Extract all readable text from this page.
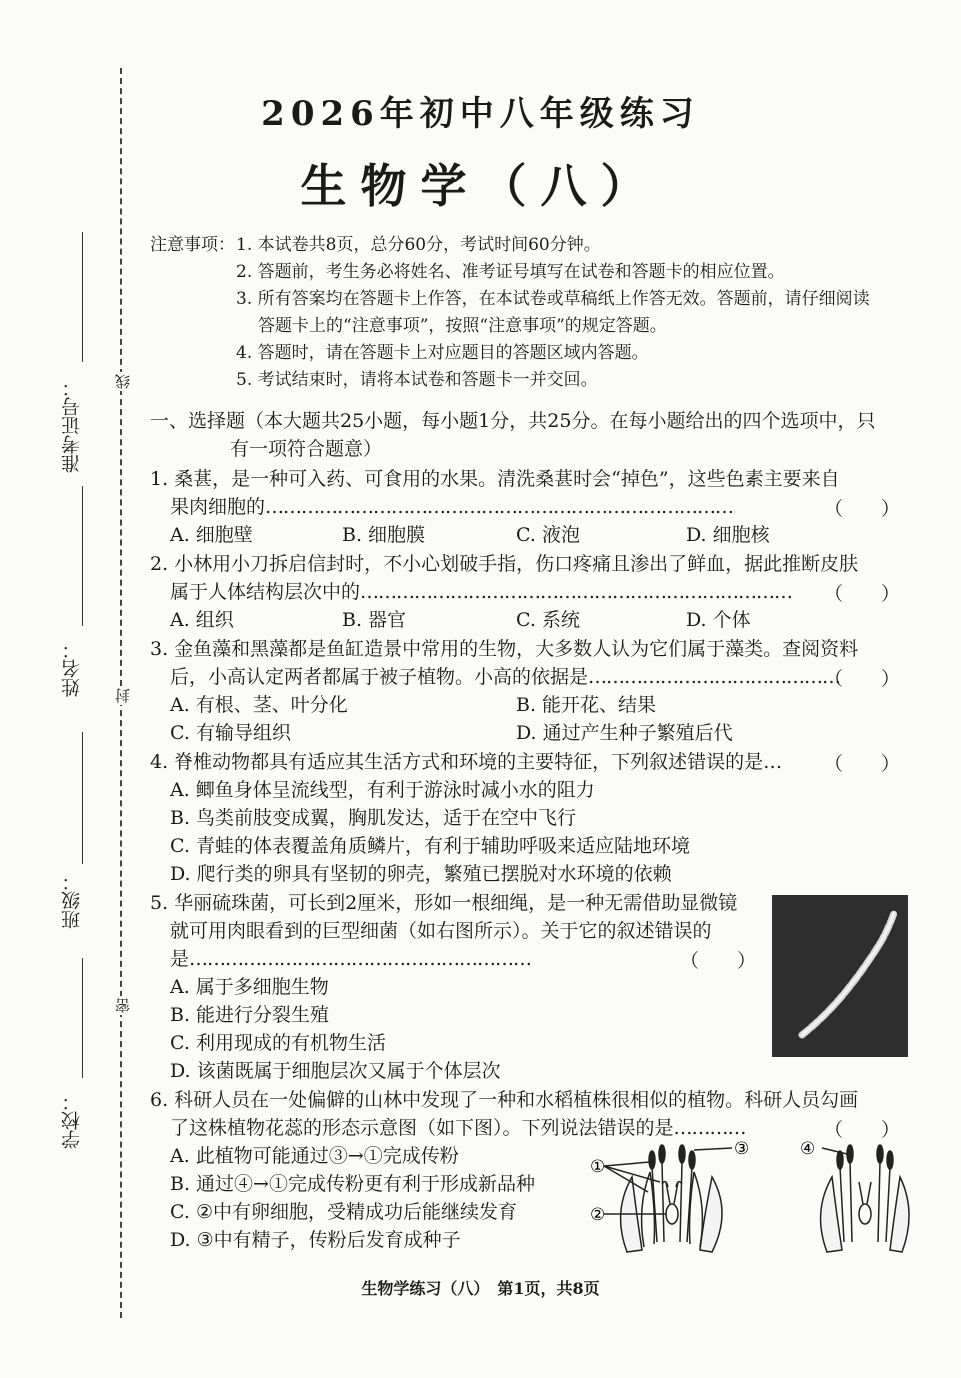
准考证号：
姓名：
班级：
学校：
线
封
密
2026年初中八年级练习
生物学（八）
注意事项： 1. 本试卷共8页，总分60分，考试时间60分钟。
2. 答题前，考生务必将姓名、准考证号填写在试卷和答题卡的相应位置。
3. 所有答案均在答题卡上作答，在本试卷或草稿纸上作答无效。答题前，请仔细阅读
答题卡上的“注意事项”，按照“注意事项”的规定答题。
4. 答题时，请在答题卡上对应题目的答题区域内答题。
5. 考试结束时，请将本试卷和答题卡一并交回。
一、选择题（本大题共25小题，每小题1分，共25分。在每小题给出的四个选项中，只
有一项符合题意）
1. 桑葚，是一种可入药、可食用的水果。清洗桑葚时会“掉色”，这些色素主要来自
果肉细胞的……………………………………………………………………	（　　）
A. 细胞壁	B. 细胞膜	C. 液泡	D. 细胞核
2. 小林用小刀拆启信封时，不小心划破手指，伤口疼痛且渗出了鲜血，据此推断皮肤
属于人体结构层次中的……………………………………………………………… （　　）
A. 组织	B. 器官	C. 系统	D. 个体
3. 金鱼藻和黑藻都是鱼缸造景中常用的生物，大多数人认为它们属于藻类。查阅资料
后，小高认定两者都属于被子植物。小高的依据是……………………………………
（　　）
A. 有根、茎、叶分化	B. 能开花、结果
C. 有输导组织	D. 通过产生种子繁殖后代
4. 脊椎动物都具有适应其生活方式和环境的主要特征，下列叙述错误的是… （　　）
A. 鲫鱼身体呈流线型，有利于游泳时减小水的阻力
B. 鸟类前肢变成翼，胸肌发达，适于在空中飞行
C. 青蛙的体表覆盖角质鳞片，有利于辅助呼吸来适应陆地环境
D. 爬行类的卵具有坚韧的卵壳，繁殖已摆脱对水环境的依赖
5. 华丽硫珠菌，可长到2厘米，形如一根细绳，是一种无需借助显微镜
就可用肉眼看到的巨型细菌（如右图所示）。关于它的叙述错误的
是…………………………………………………	（　　）
A. 属于多细胞生物
B. 能进行分裂生殖
C. 利用现成的有机物生活
D. 该菌既属于细胞层次又属于个体层次
6. 科研人员在一处偏僻的山林中发现了一种和水稻植株很相似的植物。科研人员勾画
了这株植物花蕊的形态示意图（如下图）。下列说法错误的是…………	（　　）
A. 此植物可能通过③→①完成传粉
B. 通过④→①完成传粉更有利于形成新品种
C. ②中有卵细胞，受精成功后能继续发育
D. ③中有精子，传粉后发育成种子
①
②
③	④
生物学练习（八）　第1页，共8页
